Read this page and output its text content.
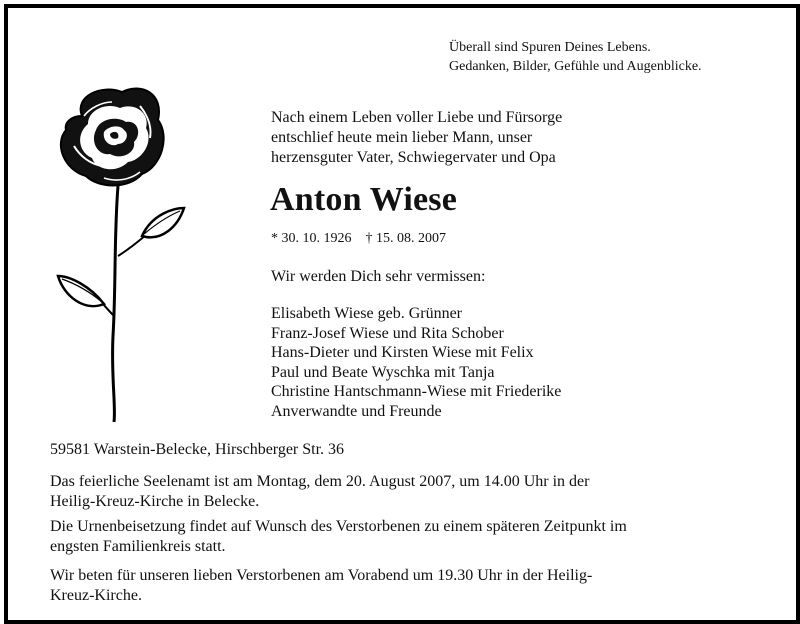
Überall sind Spuren Deines Lebens.
Gedanken, Bilder, Gefühle und Augenblicke.
Nach einem Leben voller Liebe und Fürsorge
entschlief heute mein lieber Mann, unser
herzensguter Vater, Schwiegervater und Opa
Anton Wiese
* 30. 10. 1926 † 15. 08. 2007
Wir werden Dich sehr vermissen:
Elisabeth Wiese geb. Grünner
Franz-Josef Wiese und Rita Schober
Hans-Dieter und Kirsten Wiese mit Felix
Paul und Beate Wyschka mit Tanja
Christine Hantschmann-Wiese mit Friederike
Anverwandte und Freunde
59581 Warstein-Belecke, Hirschberger Str. 36
Das feierliche Seelenamt ist am Montag, dem 20. August 2007, um 14.00 Uhr in der
Heilig-Kreuz-Kirche in Belecke.
Die Urnenbeisetzung findet auf Wunsch des Verstorbenen zu einem späteren Zeitpunkt im
engsten Familienkreis statt.
Wir beten für unseren lieben Verstorbenen am Vorabend um 19.30 Uhr in der Heilig-
Kreuz-Kirche.
